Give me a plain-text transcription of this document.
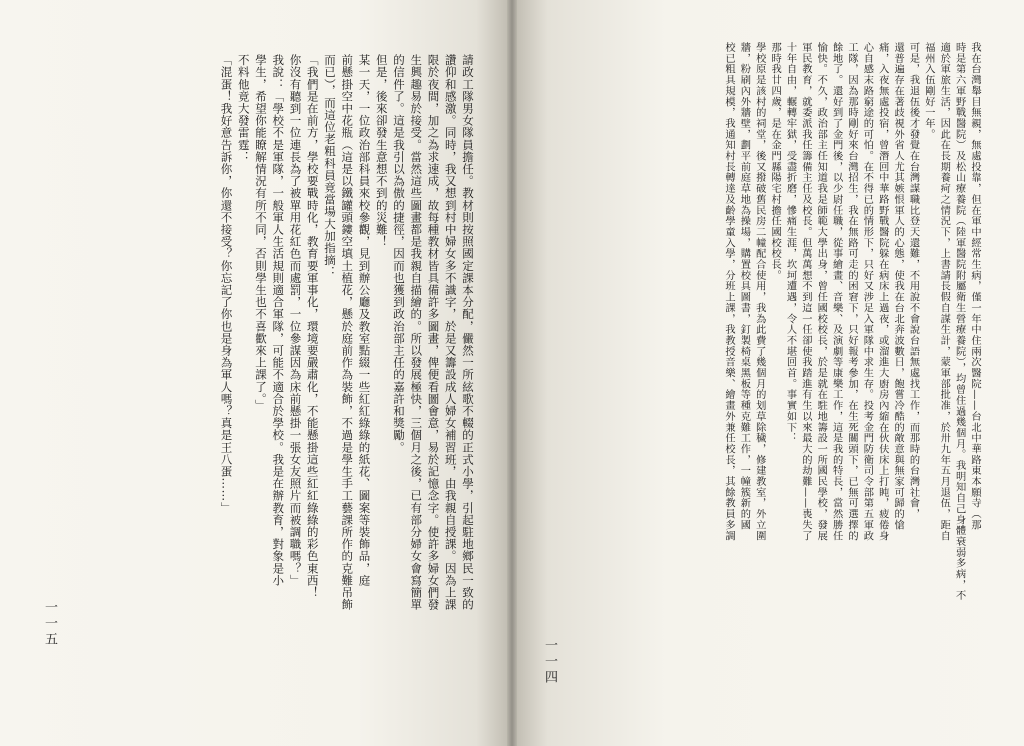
請政工隊男女隊員擔任。教材則按照國定課本分配，儼然一所絃歌不輟的正式小學，引起駐地鄉民一致的
讚仰和感激。同時，我又想到村中婦女多不識字，於是又籌設成人婦女補習班，由我親自授課。因為上課
限於夜間，加之為求速成，故每種教材皆具備許多圖畫，俾便看圖會意，易於記憶念字。使許多婦女們發
生興趣易於接受。當然這些圖畫都是我親自描繪的。所以發展極快，三個月之後，已有部分婦女會寫簡單
的信件了。這是我引以為傲的捷徑，因而也獲到政治部主任的嘉許和獎勵。
但是，後來卻發生意想不到的災難！
某一天，一位政治部科員來校參觀，見到辦公廳及教室點綴一些紅紅綠綠的紙花、圖案等裝飾品，庭
前懸掛空中花瓶（這是以鐵罐頭鏤空填土植花，懸於庭前作為裝飾，不過是學生手工藝課所作的克難吊飾
而已），而這位老粗科員竟當場大加指摘：
「我們是在前方，學校要戰時化，教育要軍事化，環境要嚴肅化，不能懸掛這些紅紅綠綠的彩色東西！
你沒有聽到一位連長為了被單用花紅色而處罰，一位參謀因為床前懸掛一張女友照片而被調職嗎？」
我說：「學校不是軍隊，一般軍人生活規則適合軍隊，可能不適合於學校。我是在辦教育，對象是小
學生，希望你能瞭解情況有所不同，否則學生也不喜歡來上課了。」
不料他竟大發雷霆：
「混蛋！我好意告訴你，你還不接受？你忘記了你也是身為軍人嗎？真是王八蛋……」
一一五
我在台灣舉目無親，無處投靠，但在軍中經常生病，僅一年中住兩次醫院——台北中華路東本願寺（那
時是第六軍野戰醫院）及松山療養院（陸軍醫院附屬衛生營療養院），均曾住過幾個月。我明知自己身體衰弱多病，不
適於軍旅生活，因此在長期養疴之情況下，上書請長假自謀生計，蒙軍部批准，於卅九年五月退伍，距自
福州入伍剛好一年。
可是，我退伍後才發覺在台灣謀職比登天還難，不用說不會說台語無處找工作，而那時的台灣社會，
還普遍存在著歧視外省人尤其嫉恨軍人的心態，使我在台北奔波數日，飽嘗冷酷的敵意與無家可歸的愴
痛，入夜無處投宿，曾潛回中華路野戰醫院躲在病床上過夜，或溜進大廚房內縮在伙伕床上打盹，疲倦身
心自感末路窮途的可怕。在不得已的情形下，只好又涉足入軍隊中求生存。投考金門防衛司令部第五軍政
工隊，因為那時剛好來台灣招生，我在無路可走的困窘下，只好報考參加，在生死關頭下，已無可選擇的
餘地了。還好到了金門後，以少尉任職，從事繪畫、音樂、及演劇等康樂工作，這是我的特長，當然勝任
愉快。不久，政治部主任知道我是師範大學出身，曾任國校校長，於是就在駐地籌設一所國民學校，發展
軍民教育，就委派我任籌備主任及校長。但萬萬想不到這一任卻使我踏進有生以來最大的劫難——喪失了
十年自由，輾轉牢獄，受盡折磨，慘痛生涯，坎坷遭遇，令人不堪回首。事實如下：
那時我廿四歲，是在金門縣陽宅村擔任國校校長。
學校原是該村的祠堂，後又撥破舊民房二幢配合使用，我為此費了幾個月的划草除穢，修建教室，外立圍
牆，粉刷內外牆壁，劃平前庭草地為操場，購置校具圖書，釘製椅桌黑板等種克難工作，一幢簇新的國
校已粗具規模，我通知村長轉達及齡學童入學，分班上課，我教授音樂、繪畫外兼任校長，其餘教員多調
一一四
